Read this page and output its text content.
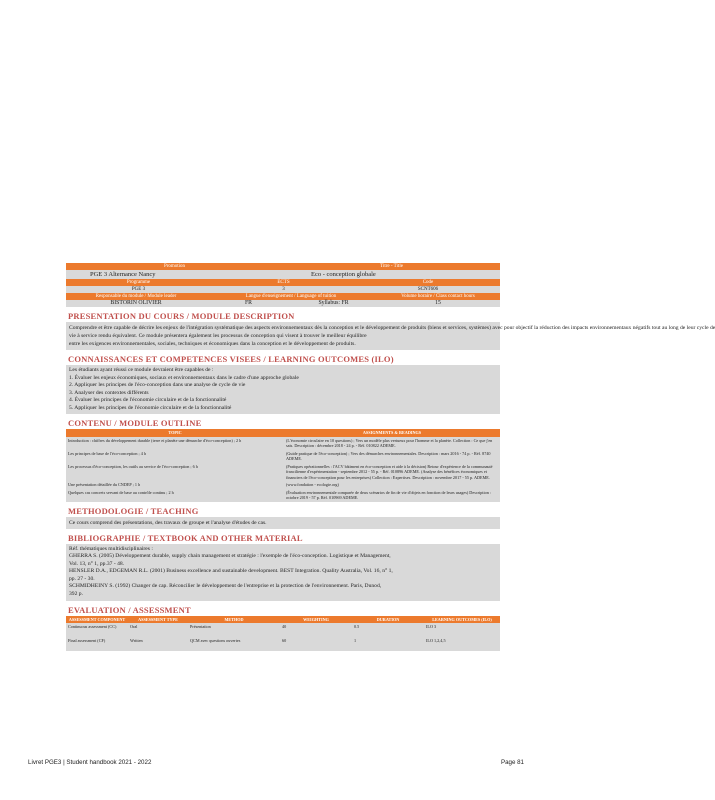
Promotion	Titre - Title
PGE 3 Alternance Nancy	Eco - conception globale
Programme	ECTS	Code
PGE 3	3	SCNT606
Responsable du module / Module leader	Langue d'enseignement / Language of tuition	Volume horaire / Class contact hours
BISTORIN OLIVIER	FR	Syllabus: FR	15
PRESENTATION DU COURS / MODULE DESCRIPTION
Comprendre et être capable de décrire les enjeux de l'intégration systématique des aspects environnementaux dès la conception et le développement de produits (biens et services, systèmes) avec pour objectif la réduction des impacts environnementaux négatifs tout au long de leur cycle de
vie à service rendu équivalent. Ce module présentera également les processus de conception qui visent à trouver le meilleur équilibre
entre les exigences environnementales, sociales, techniques et économiques dans la conception et le développement de produits.
CONNAISSANCES ET COMPETENCES VISEES / LEARNING OUTCOMES (ILO)
Les étudiants ayant réussi ce module devraient être capables de :
1. Évaluer les enjeux économiques, sociaux et environnementaux dans le cadre d'une approche globale
2. Appliquer les principes de l'éco-conception dans une analyse de cycle de vie
3. Analyser des contextes différents
4. Évaluer les principes de l'économie circulaire et de la fonctionnalité
5. Appliquer les principes de l'économie circulaire et de la fonctionnalité
CONTENU / MODULE OUTLINE
TOPIC	ASSIGNMENTS & READINGS
Introduction : chiffres du développement durable (terre et planète une démarche d'éco-conception) ; 2 h	(L'économie circulaire en 10 questions) ; Vers un modèle plus vertueux pour l'homme et la planète. Collection : Ce que j'en sais. Description : décembre 2018 - 24 p. - Réf. 010822 ADEME.
Les principes de base de l'éco-conception ; 4 h	(Guide pratique de l'éco-conception) ; Vers des démarches environnementales. Description : mars 2016 - 74 p. - Réf. 8740 ADEME.
Les processus d'éco-conception, les outils au service de l'éco-conception ; 6 h	(Pratiques opérationnelles : l'ACV bâtiment en éco-conception et aide à la décision) Retour d'expérience de la communauté francilienne d'expérimentation - septembre 2012 - 55 p. - Réf. 010896 ADEME. (Analyse des bénéfices économiques et financiers de l'éco-conception pour les entreprises) Collection : Expertises. Description : novembre 2017 - 55 p. ADEME.
Une présentation détaillée du CNDEP ; 1 h	(www.fondation - ecologie.org)
Quelques cas concrets servant de base au contrôle continu ; 2 h	(Évaluation environnementale comparée de deux scénarios de fin de vie d'objets en fonction de leurs usages) Description : octobre 2019 - 57 p. Réf. 010969 ADEME.
METHODOLOGIE / TEACHING
Ce cours comprend des présentations, des travaux de groupe et l'analyse d'études de cas.
BIBLIOGRAPHIE / TEXTBOOK AND OTHER MATERIAL
Réf. thématiques multidisciplinaires :
GHERRA S. (2005) Développement durable, supply chain management et stratégie : l'exemple de l'éco-conception. Logistique et Management,
Vol. 13, n° 1, pp.37 - 48.
HENSLER D.A., EDGEMAN R.L. (2001) Business excellence and sustainable development. BEST Integration. Quality Australia, Vol. 16, n° 1,
pp. 27 - 30.
SCHMIDHEINY S. (1992) Changer de cap. Réconcilier le développement de l'entreprise et la protection de l'environnement. Paris, Dunod,
392 p.
EVALUATION / ASSESSMENT
ASSESSMENT COMPONENT	ASSESSMENT TYPE	METHOD	WEIGHTING	DURATION	LEARNING OUTCOMES (ILO)
Continuous assessment (CC)	Oral	Présentation	40	0.5	ILO 3
Final assessment (CF)	Written	QCM avec questions ouvertes	60	1	ILO 1,2,4,5
Livret PGE3 | Student handbook 2021 - 2022	Page 81
